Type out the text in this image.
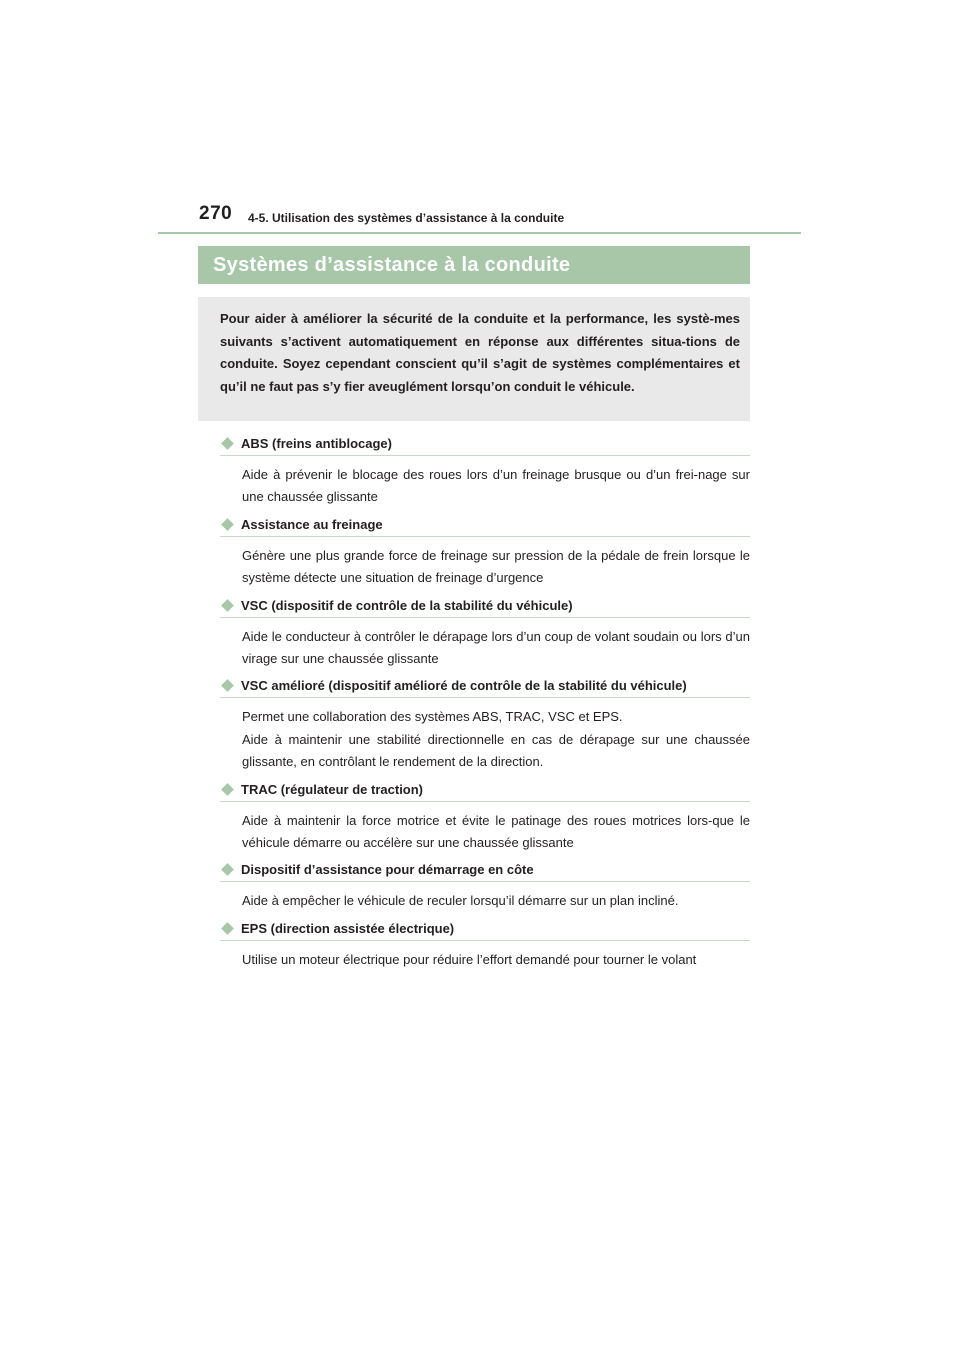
270 4-5. Utilisation des systèmes d’assistance à la conduite
Systèmes d’assistance à la conduite

Pour aider à améliorer la sécurité de la conduite et la performance, les systè-mes suivants s’activent automatiquement en réponse aux différentes situa-tions de conduite. Soyez cependant conscient qu’il s’agit de systèmes complémentaires et qu’il ne faut pas s’y fier aveuglément lorsqu’on conduit le véhicule.

ABS (freins antiblocage)
Aide à prévenir le blocage des roues lors d’un freinage brusque ou d’un frei-nage sur une chaussée glissante
Assistance au freinage
Génère une plus grande force de freinage sur pression de la pédale de frein lorsque le système détecte une situation de freinage d’urgence
VSC (dispositif de contrôle de la stabilité du véhicule)
Aide le conducteur à contrôler le dérapage lors d’un coup de volant soudain ou lors d’un virage sur une chaussée glissante
VSC amélioré (dispositif amélioré de contrôle de la stabilité du véhicule)
Permet une collaboration des systèmes ABS, TRAC, VSC et EPS.
Aide à maintenir une stabilité directionnelle en cas de dérapage sur une chaussée glissante, en contrôlant le rendement de la direction.
TRAC (régulateur de traction)
Aide à maintenir la force motrice et évite le patinage des roues motrices lors-que le véhicule démarre ou accélère sur une chaussée glissante
Dispositif d’assistance pour démarrage en côte
Aide à empêcher le véhicule de reculer lorsqu’il démarre sur un plan incliné.
EPS (direction assistée électrique)
Utilise un moteur électrique pour réduire l’effort demandé pour tourner le volant
